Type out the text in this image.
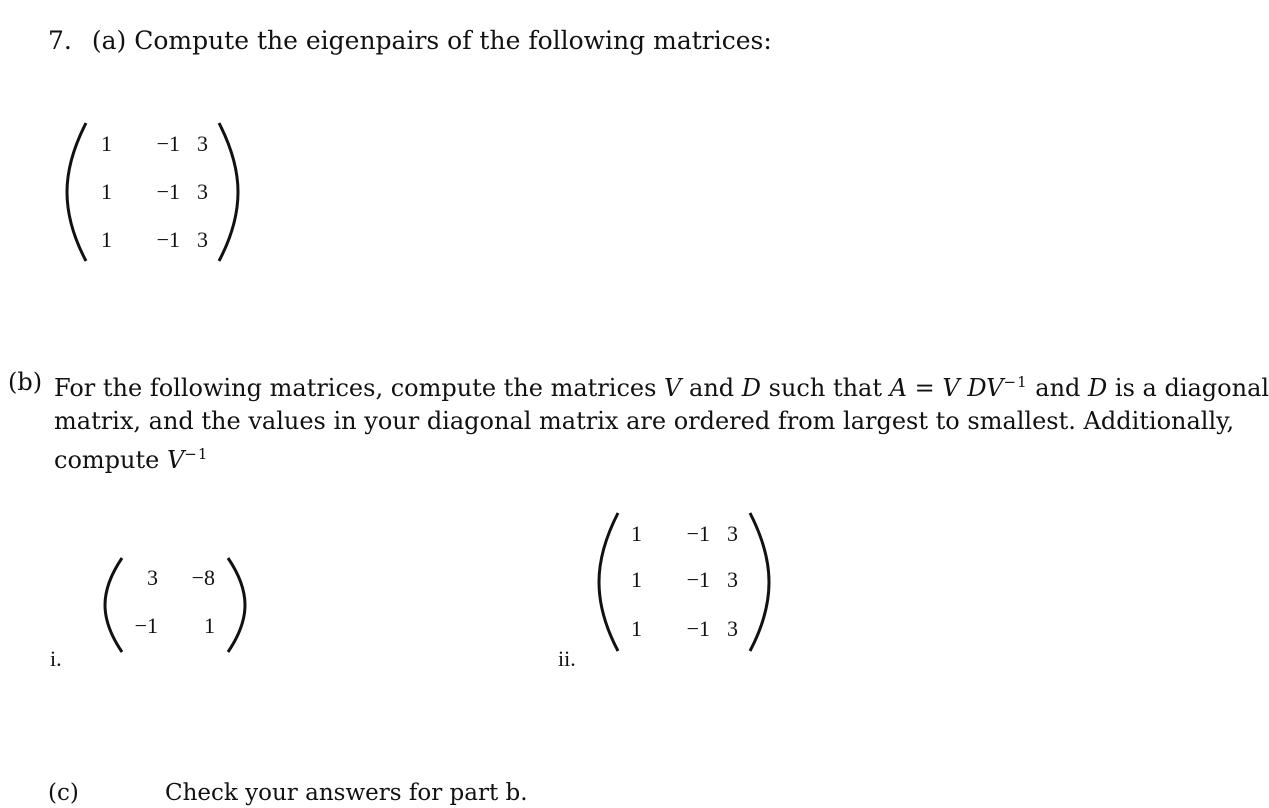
7. (a) Compute the eigenpairs of the following matrices:
1	−1 3
1	−1 3
1	−1 3
(b) For the following matrices, compute the matrices V and D such that A = V $DV^{-1}$ and D is a diagonal
matrix, and the values in your diagonal matrix are ordered from largest to smallest. Additionally,
compute $V^{-1}$
3	−8
−1	1
i.
1	−1 3
1	−1 3
1	−1 3
ii.
(c)	Check your answers for part b.
